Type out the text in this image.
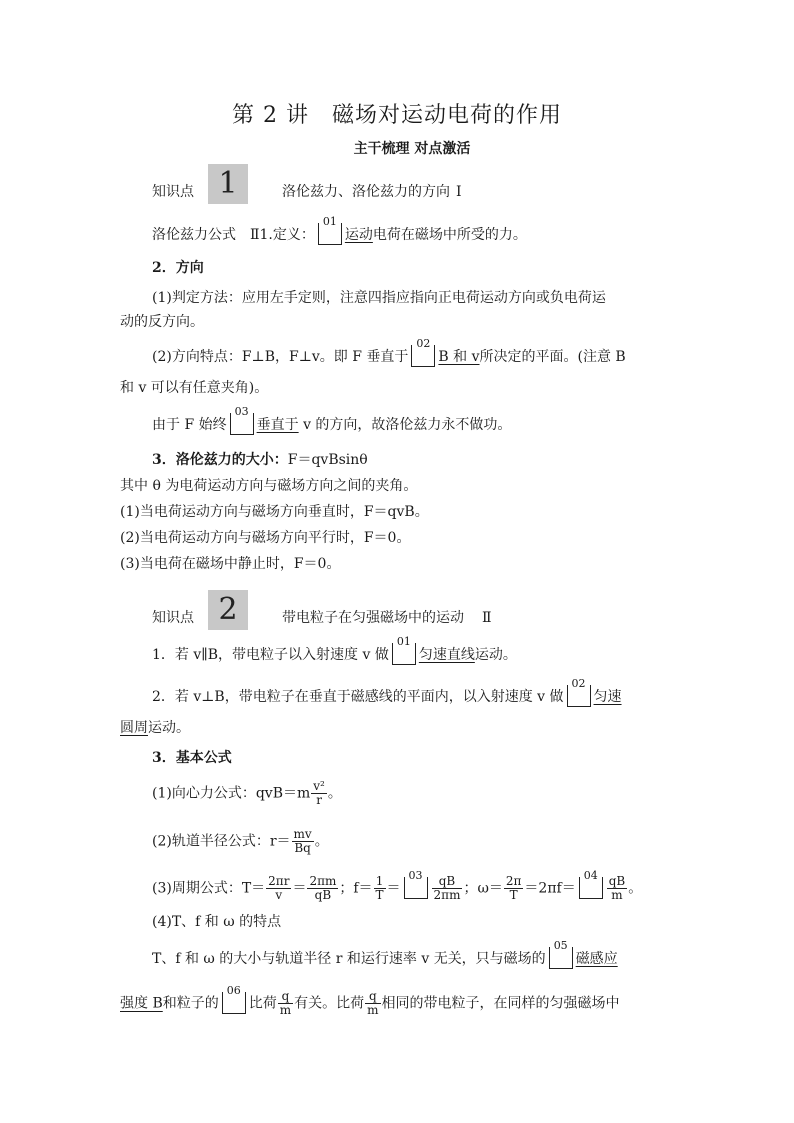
第 2 讲　磁场对运动电荷的作用
主干梳理 对点激活
知识点 1	洛伦兹力、洛伦兹力的方向 Ⅰ
洛伦兹力公式　Ⅱ1.定义：
01
运动电荷在磁场中所受的力。
2．方向
(1)判定方法：应用左手定则，注意四指应指向正电荷运动方向或负电荷运
动的反方向。
(2)方向特点：F⊥B，F⊥v。即 F 垂直于
02
B 和 v所决定的平面。(注意 B
和 v 可以有任意夹角)。
由于 F 始终
03
垂直于 v 的方向，故洛伦兹力永不做功。
3．洛伦兹力的大小：F＝qvBsinθ
其中 θ 为电荷运动方向与磁场方向之间的夹角。
(1)当电荷运动方向与磁场方向垂直时，F＝qvB。
(2)当电荷运动方向与磁场方向平行时，F＝0。
(3)当电荷在磁场中静止时，F＝0。
知识点 2	带电粒子在匀强磁场中的运动 Ⅱ
1．若 v∥B，带电粒子以入射速度 v 做
01
匀速直线运动。
2．若 v⊥B，带电粒子在垂直于磁感线的平面内，以入射速度 v 做
02
匀速
圆周运动。
3．基本公式
(1)向心力公式：$qvB=m \frac{\text{v²}}{r}$ 。
(2)轨道半径公式：$r= \frac{mv}{Bq}$ 。
(3)周期公式：$T= \frac{2\pi r}{v} = \frac{2\pi m}{qB}$ ；$f= \frac{1}{T}$ ＝
$03 \frac{qB}{2\pi m}$ ；$\omega= \frac{2\pi}{T} =2\pi f=$
$04 \frac{qB}{m}$ 。
(4)T、f 和 ω 的特点
T、f 和 ω 的大小与轨道半径 r 和运行速率 v 无关，只与磁场的
05
磁感应
强度 B和粒子的
06
比荷 $\frac{q}{m}$ 有关。比荷 $\frac{q}{m}$ 相同的带电粒子，在同样的匀强磁场中
